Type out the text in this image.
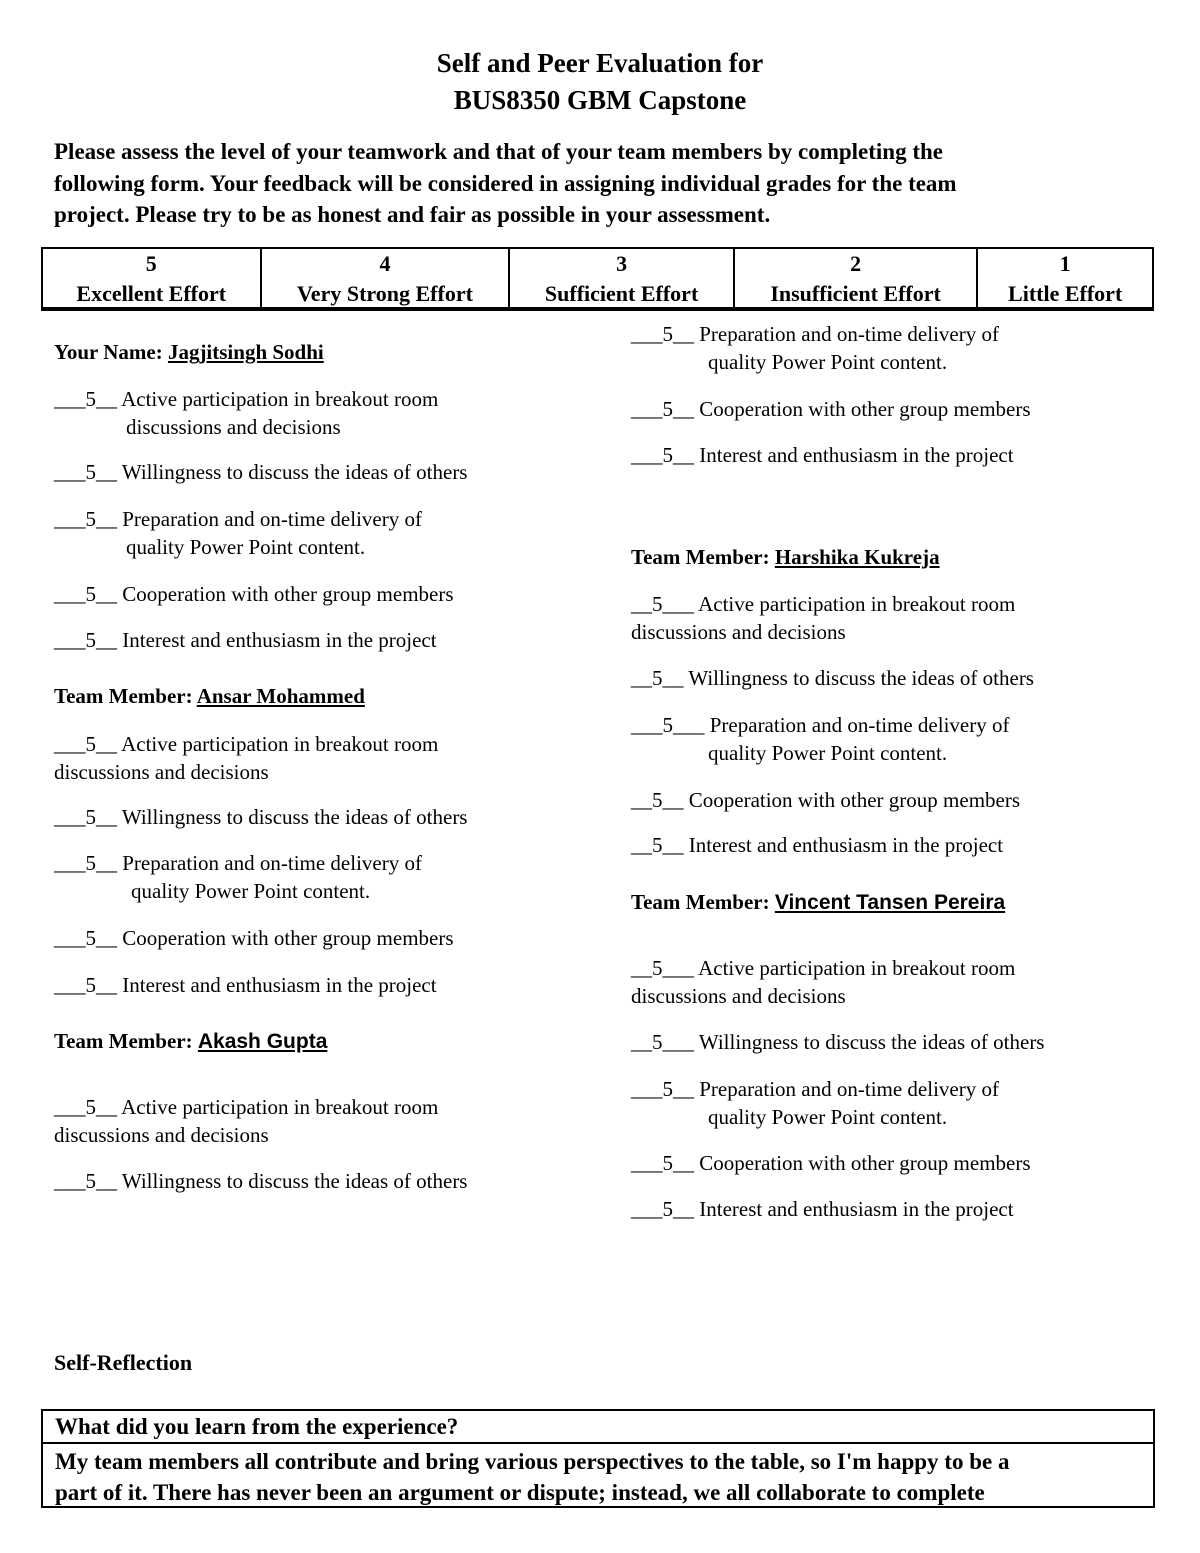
Self and Peer Evaluation for
BUS8350 GBM Capstone
Please assess the level of your teamwork and that of your team members by completing the
following form. Your feedback will be considered in assigning individual grades for the team
project. Please try to be as honest and fair as possible in your assessment.
5
Excellent Effort

4
Very Strong Effort

3
Sufficient Effort

2
Insufficient Effort

1
Little Effort
Your Name: Jagjitsingh Sodhi
___5__ Active participation in breakout room
discussions and decisions
___5__ Willingness to discuss the ideas of others
___5__ Preparation and on-time delivery of
quality Power Point content.
___5__ Cooperation with other group members
___5__ Interest and enthusiasm in the project
Team Member: Ansar Mohammed
___5__ Active participation in breakout room
discussions and decisions
___5__ Willingness to discuss the ideas of others
___5__ Preparation and on-time delivery of
quality Power Point content.
___5__ Cooperation with other group members
___5__ Interest and enthusiasm in the project
Team Member: Akash Gupta
___5__ Active participation in breakout room
discussions and decisions
___5__ Willingness to discuss the ideas of others
___5__ Preparation and on-time delivery of
quality Power Point content.
___5__ Cooperation with other group members
___5__ Interest and enthusiasm in the project
Team Member: Harshika Kukreja
__5___ Active participation in breakout room
discussions and decisions
__5__ Willingness to discuss the ideas of others
___5___ Preparation and on-time delivery of
quality Power Point content.
__5__ Cooperation with other group members
__5__ Interest and enthusiasm in the project
Team Member: Vincent Tansen Pereira
__5___ Active participation in breakout room
discussions and decisions
__5___ Willingness to discuss the ideas of others
___5__ Preparation and on-time delivery of
quality Power Point content.
___5__ Cooperation with other group members
___5__ Interest and enthusiasm in the project
Self-Reflection
What did you learn from the experience?
My team members all contribute and bring various perspectives to the table, so I'm happy to be a
part of it. There has never been an argument or dispute; instead, we all collaborate to complete
